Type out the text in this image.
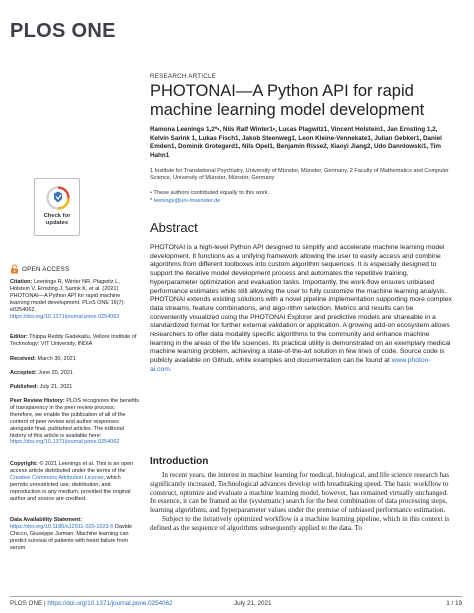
PLOS ONE
Check for
updates
OPEN ACCESS
Citation: Leenings R, Winter NR, Plagwitz L, Holstein V, Ernsting J, Sarink K, et al. (2021) PHOTONAI—A Python API for rapid machine learning model development. PLoS ONE 16(7): e0254062. https://doi.org/10.1371/journal.pone.0254062
Editor: Thippa Reddy Gadekallu, Vellore Institute of Technology: VIT University, INDIA
Received: March 30, 2021
Accepted: June 20, 2021
Published: July 21, 2021
Peer Review History: PLOS recognizes the benefits of transparency in the peer review process; therefore, we enable the publication of all of the content of peer review and author responses alongside final, published articles. The editorial history of this article is available here: https://doi.org/10.1371/journal.pone.0254062
Copyright: © 2021 Leenings et al. This is an open access article distributed under the terms of the Creative Commons Attribution License, which permits unrestricted use, distribution, and reproduction in any medium, provided the original author and source are credited.
Data Availability Statement: https://doi.org/10.1186/s12911-020-1023-5 Davide Chicco, Giuseppe Jurman: Machine learning can predict survival of patients with heart failure from serum
RESEARCH ARTICLE
PHOTONAI—A Python API for rapid machine learning model development
Ramona Leenings 1,2*•, Nils Ralf Winter1•, Lucas Plagwitz1, Vincent Holstein1, Jan Ernsting 1,2, Kelvin Sarink 1, Lukas Fisch1, Jakob Steenweg1, Leon Kleine-Vennekate1, Julian Gebker1, Daniel Emden1, Dominik Grotegerd1, Nils Opel1, Benjamin Risse2, Xiaoyi Jiang2, Udo Dannlowski1, Tim Hahn1
1 Institute for Translational Psychiatry, University of Münster, Münster, Germany, 2 Faculty of Mathematics and Computer Science, University of Münster, Münster, Germany
• These authors contributed equally to this work.
* leenings@uni-muenster.de
Abstract
PHOTONAI is a high-level Python API designed to simplify and accelerate machine learning model development. It functions as a unifying framework allowing the user to easily access and combine algorithms from different toolboxes into custom algorithm sequences. It is especially designed to support the iterative model development process and automates the repetitive training, hyperparameter optimization and evaluation tasks. Importantly, the work-flow ensures unbiased performance estimates while still allowing the user to fully customize the machine learning analysis. PHOTONAI extends existing solutions with a novel pipeline implementation supporting more complex data streams, feature combinations, and algo-rithm selection. Metrics and results can be conveniently visualized using the PHOTONAI Explorer and predictive models are shareable in a standardized format for further external validation or application. A growing add-on ecosystem allows researchers to offer data modality specific algorithms to the community and enhance machine learning in the areas of the life sciences. Its practical utility is demonstrated on an exemplary medical machine learning problem, achieving a state-of-the-art solution in few lines of code. Source code is publicly available on Github, while examples and documentation can be found at www.photon-ai.com.
Introduction

In recent years, the interest in machine learning for medical, biological, and life science research has significantly increased. Technological advances develop with breathtaking speed. The basic workflow to construct, optimize and evaluate a machine learning model, however, has remained virtually unchanged. In essence, it can be framed as the (systematic) search for the best combination of data processing steps, learning algorithms, and hyperparameter values under the premise of unbiased performance estimation.

Subject to the iteratively optimized workflow is a machine learning pipeline, which in this context is defined as the sequence of algorithms subsequently applied to the data. To

PLOS ONE | https://doi.org/10.1371/journal.pone.0254062	July 21, 2021	1 / 19
